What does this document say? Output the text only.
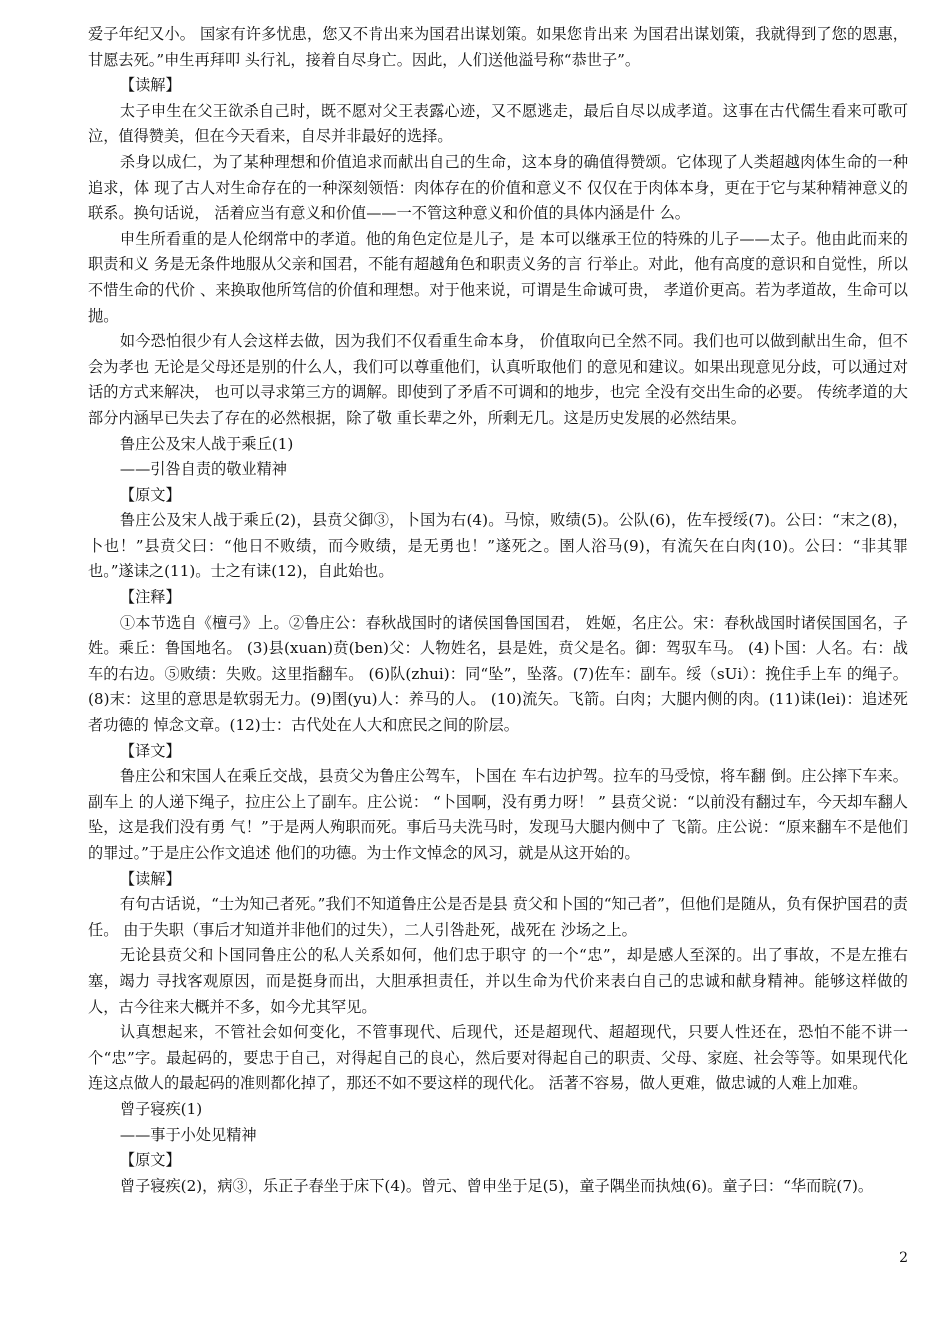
爱子年纪又小。 国家有许多忧患，您又不肯出来为国君出谋划策。如果您肯出来 为国君出谋划策，我就得到了您的恩惠，甘愿去死。”申生再拜叩 头行礼，接着自尽身亡。因此，人们送他溢号称“恭世子”。

【读解】

太子申生在父王欲杀自己时，既不愿对父王表露心迹，又不愿逃走，最后自尽以成孝道。这事在古代儒生看来可歌可泣，值得赞美，但在今天看来，自尽并非最好的选择。

杀身以成仁，为了某种理想和价值追求而献出自己的生命，这本身的确值得赞颂。它体现了人类超越肉体生命的一种追求，体 现了古人对生命存在的一种深刻领悟：肉体存在的价值和意义不 仅仅在于肉体本身，更在于它与某种精神意义的联系。换句话说， 活着应当有意义和价值——一不管这种意义和价值的具体内涵是什 么。

申生所看重的是人伦纲常中的孝道。他的角色定位是儿子，是 本可以继承王位的特殊的儿子——太子。他由此而来的职责和义 务是无条件地服从父亲和国君，不能有超越角色和职责义务的言 行举止。对此，他有高度的意识和自觉性，所以不惜生命的代价 、来换取他所笃信的价值和理想。对于他来说，可谓是生命诚可贵， 孝道价更高。若为孝道故，生命可以抛。

如今恐怕很少有人会这样去做，因为我们不仅看重生命本身， 价值取向已全然不同。我们也可以做到献出生命，但不会为孝也 无论是父母还是别的什么人，我们可以尊重他们，认真听取他们 的意见和建议。如果出现意见分歧，可以通过对话的方式来解决， 也可以寻求第三方的调解。即使到了矛盾不可调和的地步，也完 全没有交出生命的必要。 传统孝道的大部分内涵早已失去了存在的必然根据，除了敬 重长辈之外，所剩无几。这是历史发展的必然结果。

鲁庄公及宋人战于乘丘(1)

——引咎自责的敬业精神

【原文】

鲁庄公及宋人战于乘丘(2)，县贲父御③，卜国为右(4)。马惊，败绩(5)。公队(6)，佐车授绥(7)。公曰：“末之(8)，卜也！”县贲父曰：“他日不败绩，而今败绩，是无勇也！”遂死之。圉人浴马(9)，有流矢在白肉(10)。公曰：“非其罪也。”遂诔之(11)。士之有诔(12)，自此始也。

【注释】

①本节选自《檀弓》上。②鲁庄公：春秋战国时的诸侯国鲁国国君， 姓姬，名庄公。宋：春秋战国时诸侯国国名，子姓。乘丘：鲁国地名。 (3)县(xuan)贲(ben)父：人物姓名，县是姓，贲父是名。御：驾驭车马。 (4)卜国：人名。右：战车的右边。⑤败绩：失败。这里指翻车。 (6)队(zhui)：同“坠”，坠落。(7)佐车：副车。绥（sUi）：挽住手上车 的绳子。(8)末：这里的意思是软弱无力。(9)圉(yu)人：养马的人。 (10)流矢。飞箭。白肉；大腿内侧的肉。(11)诔(lei)：追述死者功德的 悼念文章。(12)士：古代处在人大和庶民之间的阶层。

【译文】

鲁庄公和宋国人在乘丘交战，县贲父为鲁庄公驾车，卜国在 车右边护驾。拉车的马受惊，将车翻 倒。庄公摔下车来。副车上 的人递下绳子，拉庄公上了副车。庄公说： “卜国啊，没有勇力呀！ ” 县贲父说：“以前没有翻过车，今天却车翻人坠，这是我们没有勇 气！”于是两人殉职而死。事后马夫洗马时，发现马大腿内侧中了 飞箭。庄公说：“原来翻车不是他们的罪过。”于是庄公作文追述 他们的功德。为士作文悼念的风习，就是从这开始的。

【读解】

有句古话说，“士为知己者死。”我们不知道鲁庄公是否是县 贲父和卜国的“知己者”，但他们是随从，负有保护国君的责任。 由于失职（事后才知道并非他们的过失），二人引咎赴死，战死在 沙场之上。

无论县贲父和卜国同鲁庄公的私人关系如何，他们忠于职守 的一个“忠”，却是感人至深的。出了事故，不是左推右塞，竭力 寻找客观原因，而是挺身而出，大胆承担责任，并以生命为代价来表白自己的忠诚和献身精神。能够这样做的人，古今往来大概并不多，如今尤其罕见。

认真想起来，不管社会如何变化，不管事现代、后现代，还是超现代、超超现代，只要人性还在，恐怕不能不讲一个“忠”字。最起码的，要忠于自己，对得起自己的良心，然后要对得起自己的职责、父母、家庭、社会等等。如果现代化连这点做人的最起码的准则都化掉了，那还不如不要这样的现代化。 活著不容易，做人更难，做忠诚的人难上加难。

曾子寝疾(1)

——事于小处见精神

【原文】

曾子寝疾(2)，病③，乐正子春坐于床下(4)。曾元、曾申坐于足(5)，童子隅坐而执烛(6)。童子曰：“华而睆(7)。

2
